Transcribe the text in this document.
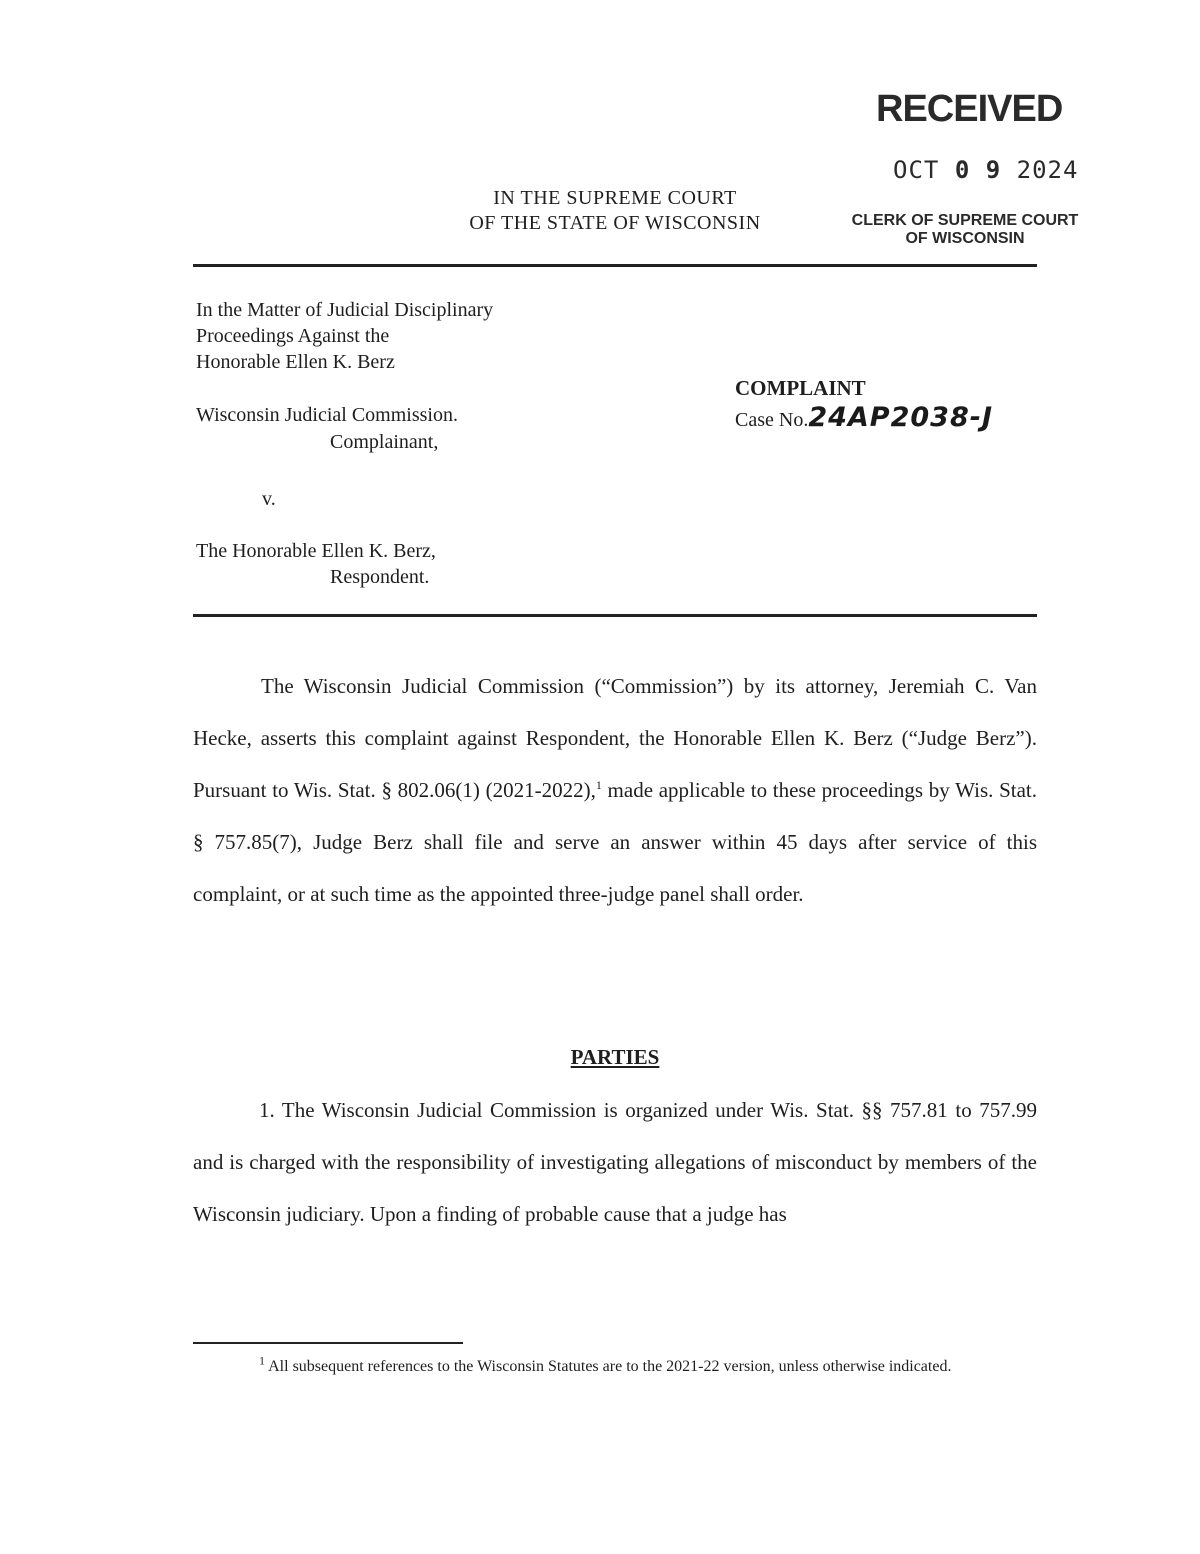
RECEIVED
OCT 0 9 2024
CLERK OF SUPREME COURT
OF WISCONSIN
IN THE SUPREME COURT
OF THE STATE OF WISCONSIN
In the Matter of Judicial Disciplinary
Proceedings Against the
Honorable Ellen K. Berz
Wisconsin Judicial Commission.
Complainant,
v.
The Honorable Ellen K. Berz,
Respondent.
COMPLAINT
Case No.24AP2038-J
The Wisconsin Judicial Commission (“Commission”) by its attorney, Jeremiah C. Van Hecke, asserts this complaint against Respondent, the Honorable Ellen K. Berz (“Judge Berz”). Pursuant to Wis. Stat. § 802.06(1) (2021-2022),$^1$ made applicable to these proceedings by Wis. Stat. § 757.85(7), Judge Berz shall file and serve an answer within 45 days after service of this complaint, or at such time as the appointed three-judge panel shall order.
PARTIES
1. The Wisconsin Judicial Commission is organized under Wis. Stat. §§ 757.81 to 757.99 and is charged with the responsibility of investigating allegations of misconduct by members of the Wisconsin judiciary. Upon a finding of probable cause that a judge has
$^1$ All subsequent references to the Wisconsin Statutes are to the 2021-22 version, unless otherwise indicated.
